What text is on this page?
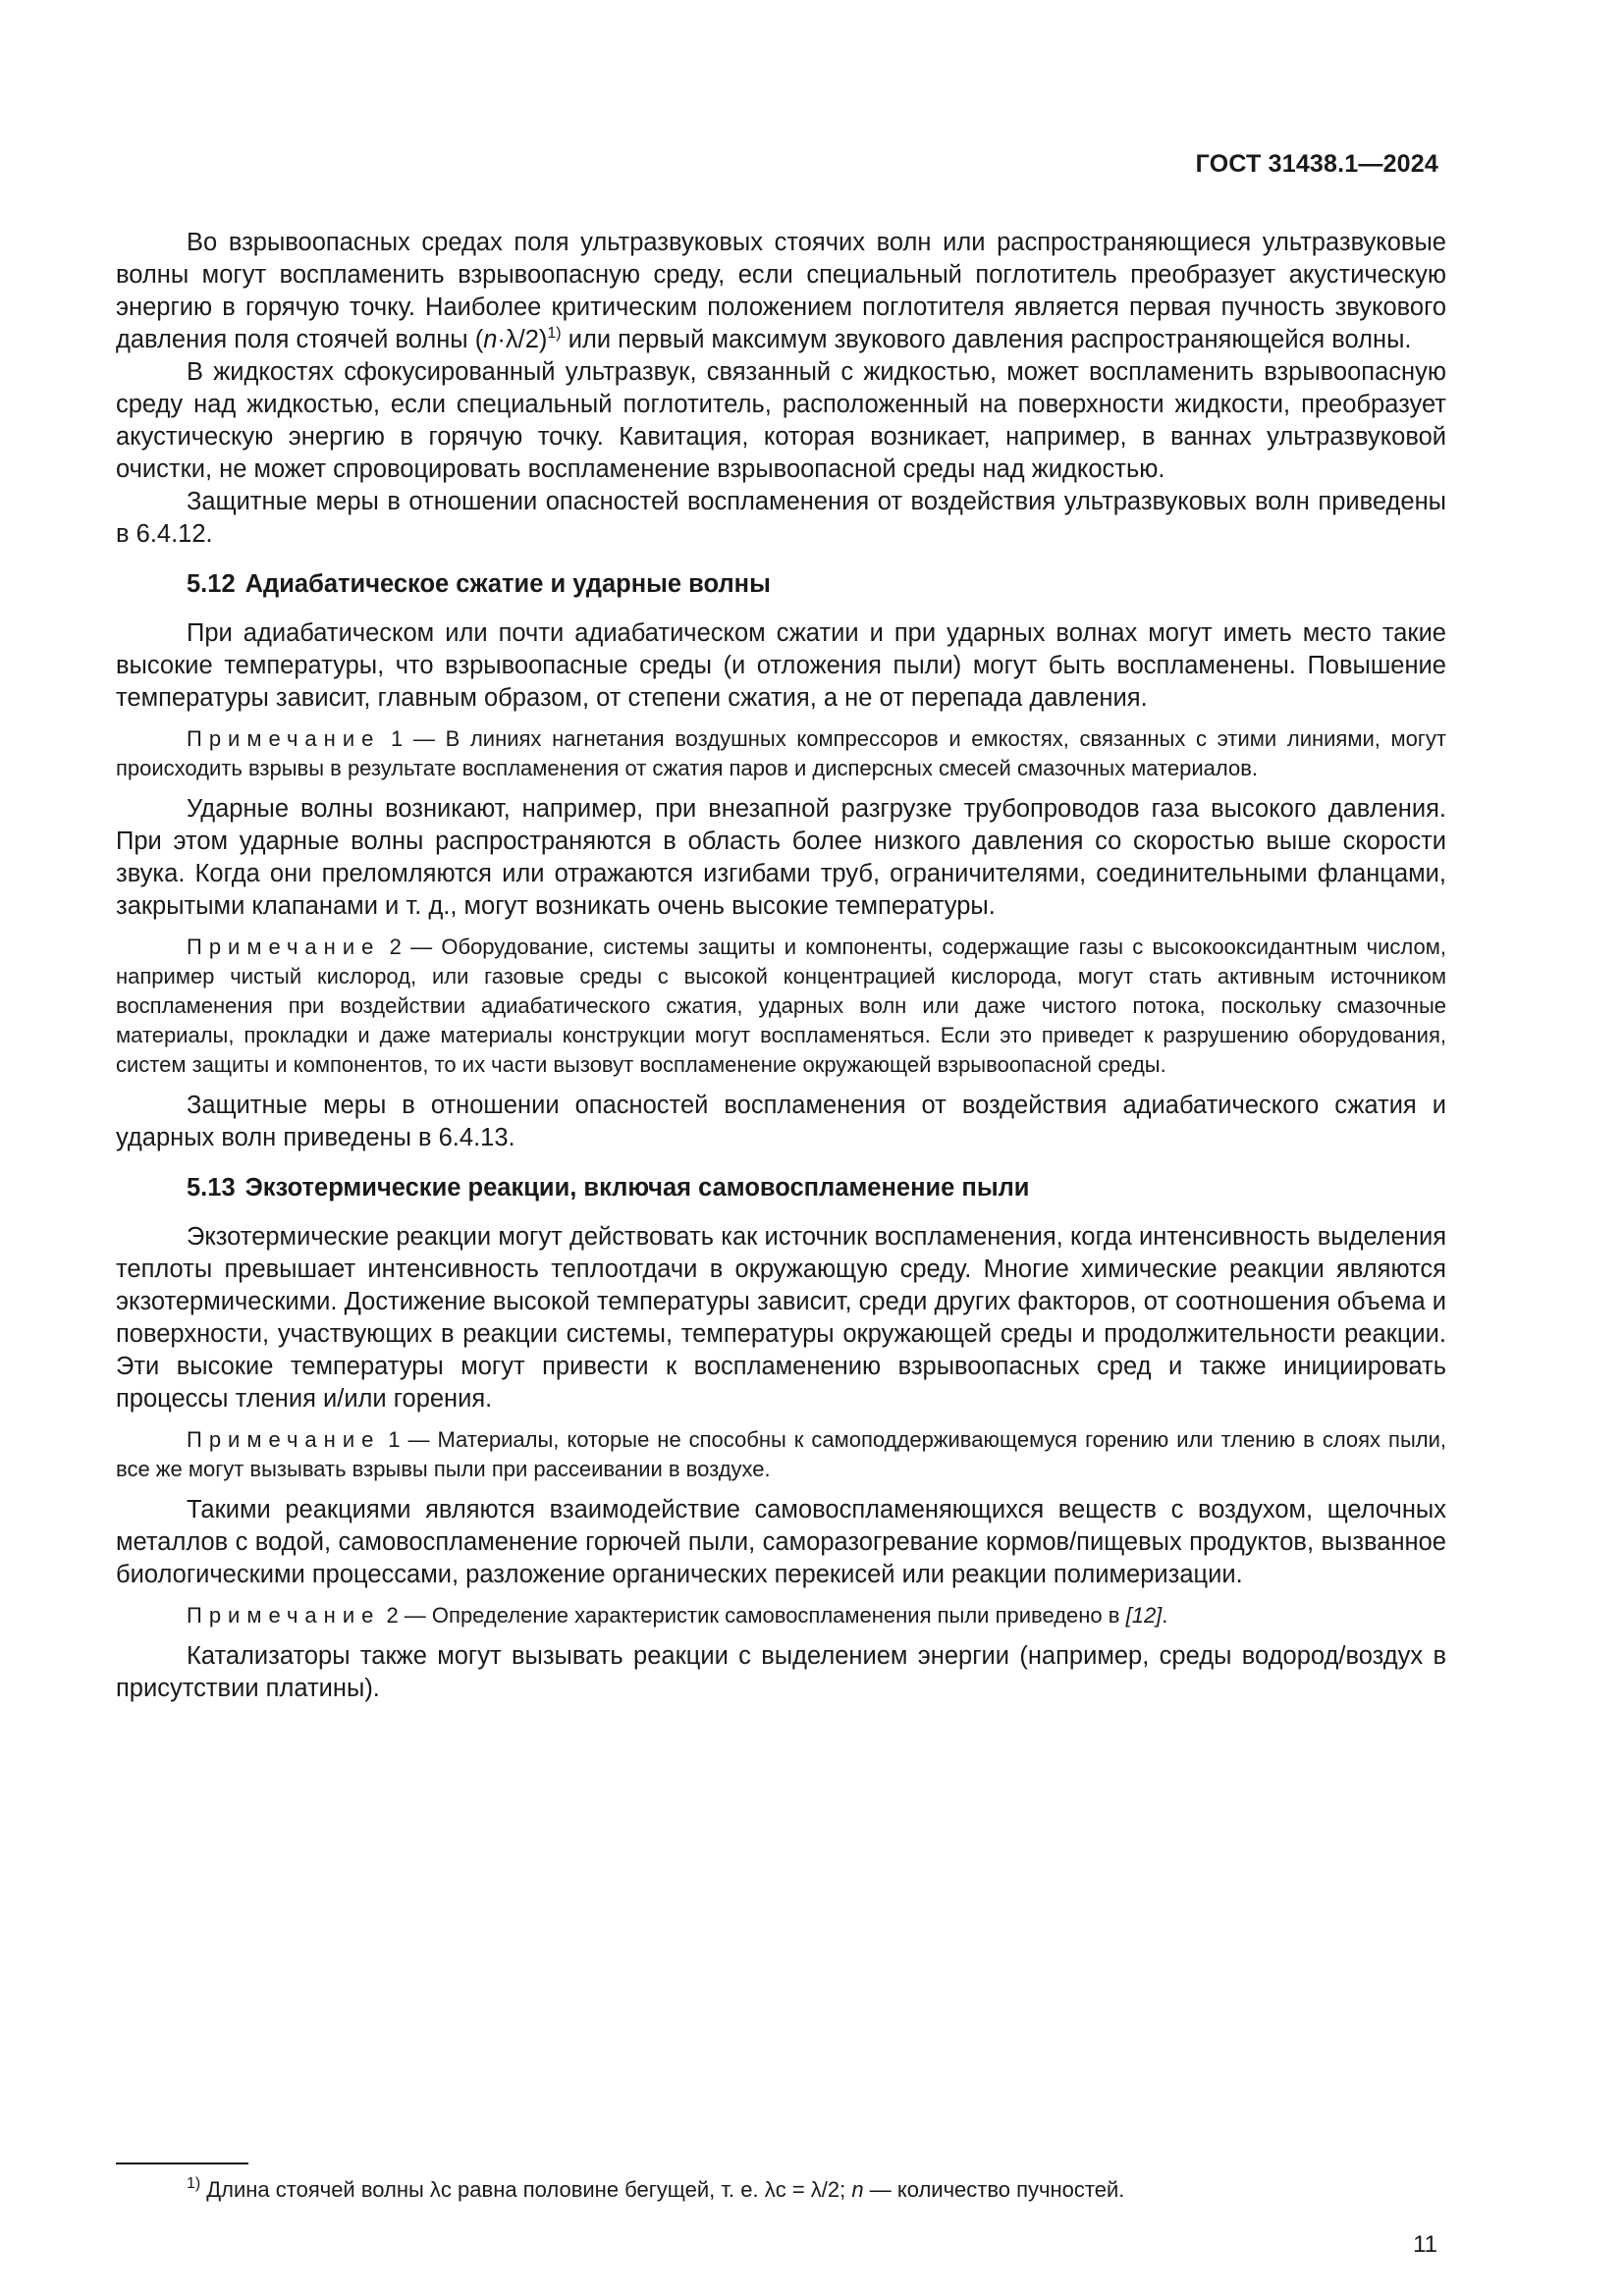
ГОСТ 31438.1—2024

Во взрывоопасных средах поля ультразвуковых стоячих волн или распространяющиеся ультразвуковые волны могут воспламенить взрывоопасную среду, если специальный поглотитель преобразует акустическую энергию в горячую точку. Наиболее критическим положением поглотителя является первая пучность звукового давления поля стоячей волны $(n\cdot\lambda/2)^{1)}$ или первый максимум звукового давления распространяющейся волны.

В жидкостях сфокусированный ультразвук, связанный с жидкостью, может воспламенить взрывоопасную среду над жидкостью, если специальный поглотитель, расположенный на поверхности жидкости, преобразует акустическую энергию в горячую точку. Кавитация, которая возникает, например, в ваннах ультразвуковой очистки, не может спровоцировать воспламенение взрывоопасной среды над жидкостью.

Защитные меры в отношении опасностей воспламенения от воздействия ультразвуковых волн приведены в 6.4.12.

5.12 Адиабатическое сжатие и ударные волны

При адиабатическом или почти адиабатическом сжатии и при ударных волнах могут иметь место такие высокие температуры, что взрывоопасные среды (и отложения пыли) могут быть воспламенены. Повышение температуры зависит, главным образом, от степени сжатия, а не от перепада давления.

Примечание 1 — В линиях нагнетания воздушных компрессоров и емкостях, связанных с этими линиями, могут происходить взрывы в результате воспламенения от сжатия паров и дисперсных смесей смазочных материалов.

Ударные волны возникают, например, при внезапной разгрузке трубопроводов газа высокого давления. При этом ударные волны распространяются в область более низкого давления со скоростью выше скорости звука. Когда они преломляются или отражаются изгибами труб, ограничителями, соединительными фланцами, закрытыми клапанами и т. д., могут возникать очень высокие температуры.

Примечание 2 — Оборудование, системы защиты и компоненты, содержащие газы с высокооксидантным числом, например чистый кислород, или газовые среды с высокой концентрацией кислорода, могут стать активным источником воспламенения при воздействии адиабатического сжатия, ударных волн или даже чистого потока, поскольку смазочные материалы, прокладки и даже материалы конструкции могут воспламеняться. Если это приведет к разрушению оборудования, систем защиты и компонентов, то их части вызовут воспламенение окружающей взрывоопасной среды.

Защитные меры в отношении опасностей воспламенения от воздействия адиабатического сжатия и ударных волн приведены в 6.4.13.

5.13 Экзотермические реакции, включая самовоспламенение пыли

Экзотермические реакции могут действовать как источник воспламенения, когда интенсивность выделения теплоты превышает интенсивность теплоотдачи в окружающую среду. Многие химические реакции являются экзотермическими. Достижение высокой температуры зависит, среди других факторов, от соотношения объема и поверхности, участвующих в реакции системы, температуры окружающей среды и продолжительности реакции. Эти высокие температуры могут привести к воспламенению взрывоопасных сред и также инициировать процессы тления и/или горения.

Примечание 1 — Материалы, которые не способны к самоподдерживающемуся горению или тлению в слоях пыли, все же могут вызывать взрывы пыли при рассеивании в воздухе.

Такими реакциями являются взаимодействие самовоспламеняющихся веществ с воздухом, щелочных металлов с водой, самовоспламенение горючей пыли, саморазогревание кормов/пищевых продуктов, вызванное биологическими процессами, разложение органических перекисей или реакции полимеризации.

Примечание 2 — Определение характеристик самовоспламенения пыли приведено в [12].

Катализаторы также могут вызывать реакции с выделением энергии (например, среды водород/воздух в присутствии платины).

$^{1)}$ Длина стоячей волны λс равна половине бегущей, т. е. λс = λ/2; n — количество пучностей.
11
